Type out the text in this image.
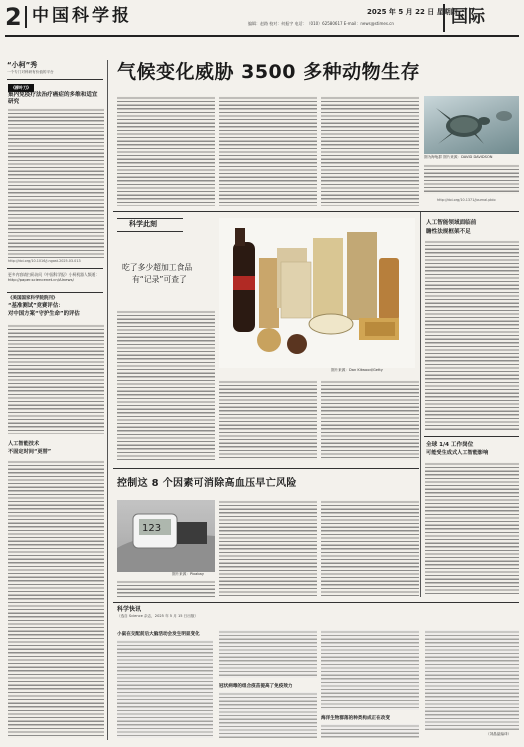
2 中国科学报	2025 年 5 月 22 日 星期四
编辑：赵路 校对：何振宇 电话：（010）62580617 E-mail：news@stimes.cn	国际
“小柯”秀
一个专门对科研有价值的平台
《柳叶刀》
集内免疫疗法治疗癌症的多维和适宜研究
http://doi.org/10.1016/j.ngast.2025.03.013
更多内容请扫码访问《中国科学报》小柯机器人频道：http://paper.sciencenet.cn/AInews/
《美国国家科学院院刊》
“基准测试”竞赛评估：
对中国方案“守护生命”的评估
人工智能技术
不固定时间“更替”
气候变化威胁 3500 多种动物生存
图为海龟群 图片来源：DAVID DAVIDSON
http://doi.org/10.1371/journal.pbio
科学此刻
吃了多少超加工食品
有“记录”可查了
图片来源：Dan Kitwood/Getty
人工智能领域面临前
瞻性法规框架不足
全球 1/4 工作岗位
可能受生成式人工智能影响
控制这 8 个因素可消除高血压早亡风险
123
图片来源：Pixabay
科学快讯
（选自 Science 杂志，2025 年 5 月 15 日出版）
小鼠在交配前后大脑活动会发生明显变化
冠状病毒的组合疫苗提高了免疫效力
海洋生物群落的种类构成正在改变
（刘晶晶编译）
